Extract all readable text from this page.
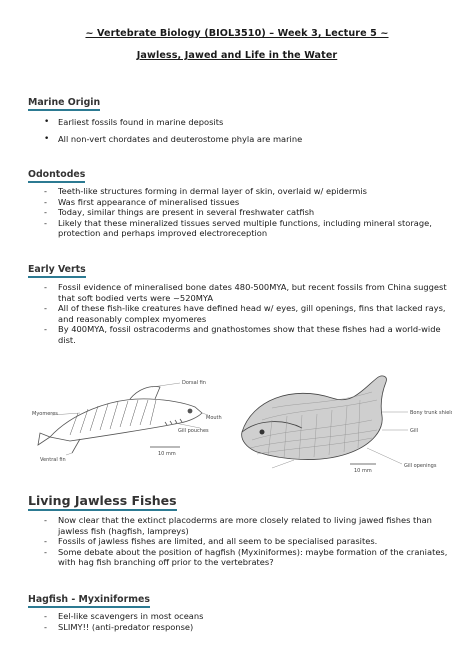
~ Vertebrate Biology (BIOL3510) – Week 3, Lecture 5 ~
Jawless, Jawed and Life in the Water
Marine Origin
• Earliest fossils found in marine deposits
• All non-vert chordates and deuterostome phyla are marine
Odontodes
- Teeth-like structures forming in dermal layer of skin, overlaid w/ epidermis
- Was first appearance of mineralised tissues
- Today, similar things are present in several freshwater catfish
- Likely that these mineralized tissues served multiple functions, including mineral storage, protection and perhaps improved electroreception
Early Verts
- Fossil evidence of mineralised bone dates 480-500MYA, but recent fossils from China suggest that soft bodied verts were ~520MYA
- All of these fish-like creatures have defined head w/ eyes, gill openings, fins that lacked rays, and reasonably complex myomeres
- By 400MYA, fossil ostracoderms and gnathostomes show that these fishes had a world-wide dist.
Dorsal fin
Myomeres
Mouth
Gill pouches
Ventral fin
10 mm
Bony trunk shield
Gill
Gill openings
10 mm
Living Jawless Fishes
- Now clear that the extinct placoderms are more closely related to living jawed fishes than jawless fish (hagfish, lampreys)
- Fossils of jawless fishes are limited, and all seem to be specialised parasites.
- Some debate about the position of hagfish (Myxiniformes): maybe formation of the craniates, with hag fish branching off prior to the vertebrates?
Hagfish - Myxiniformes
- Eel-like scavengers in most oceans
- SLIMY!! (anti-predator response)
